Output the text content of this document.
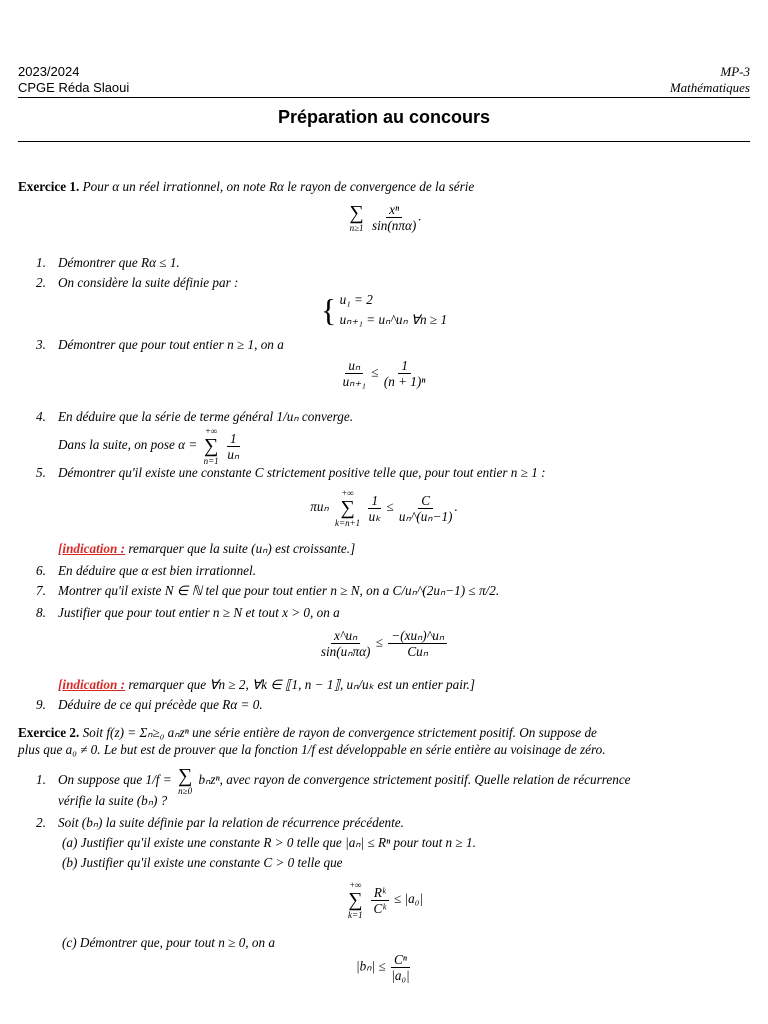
2023/2024
CPGE Réda Slaoui
MP-3
Mathématiques
Préparation au concours
Exercice 1. Pour α un réel irrationnel, on note Rα le rayon de convergence de la série
∑
n≥1
$\frac{\text{xⁿ}}{\text{sin(nπα)}}$ .
1. Démontrer que Rα ≤ 1.
2. On considère la suite définie par :
{ u₁ = 2
uₙ₊₁ = uₙ^uₙ ∀n ≥ 1
3. Démontrer que pour tout entier n ≥ 1, on a
$\frac{\text{uₙ}}{\text{uₙ₊₁}} \le \frac{1}{\text{(n + 1)ⁿ}}$
4. En déduire que la série de terme général 1/uₙ converge.
Dans la suite, on pose α =
+∞
∑
n=1
$\frac{1}{\text{uₙ}}$
5. Démontrer qu'il existe une constante C strictement positive telle que, pour tout entier n ≥ 1 :
πuₙ
+∞
∑
k=n+1
$\frac{1}{\text{uₖ}} \le \frac{C}{\text{uₙ\textasciicircum{}(uₙ−1)}}$ .
[indication : remarquer que la suite (uₙ) est croissante.]
6. En déduire que α est bien irrationnel.
7. Montrer qu'il existe N ∈ ℕ tel que pour tout entier n ≥ N, on a C/uₙ^(2uₙ−1) ≤ π/2.
8. Justifier que pour tout entier n ≥ N et tout x > 0, on a
$\frac{\text{x\textasciicircum{}uₙ}}{\text{sin(uₙπα)}} \le \frac{\text{−(xuₙ)\textasciicircum{}uₙ}}{\text{Cuₙ}}$
[indication : remarquer que ∀n ≥ 2, ∀k ∈ ⟦1, n − 1⟧, uₙ/uₖ est un entier pair.]
9. Déduire de ce qui précède que Rα = 0.
Exercice 2. Soit f(z) = Σₙ≥₀ aₙzⁿ une série entière de rayon de convergence strictement positif. On suppose de
plus que a₀ ≠ 0. Le but est de prouver que la fonction 1/f est développable en série entière au voisinage de zéro.
1. On suppose que 1/f = ∑
n≥0
bₙzⁿ, avec rayon de convergence strictement positif. Quelle relation de récurrence
vérifie la suite (bₙ) ?
2. Soit (bₙ) la suite définie par la relation de récurrence précédente.
(a) Justifier qu'il existe une constante R > 0 telle que |aₙ| ≤ Rⁿ pour tout n ≥ 1.
(b) Justifier qu'il existe une constante C > 0 telle que
+∞
∑
k=1
$\frac{\text{Rᵏ}}{\text{Cᵏ}} \le |a_0|$
(c) Démontrer que, pour tout n ≥ 0, on a
$|b_n| \le \frac{\text{Cⁿ}}{\text{|a₀|}}$
